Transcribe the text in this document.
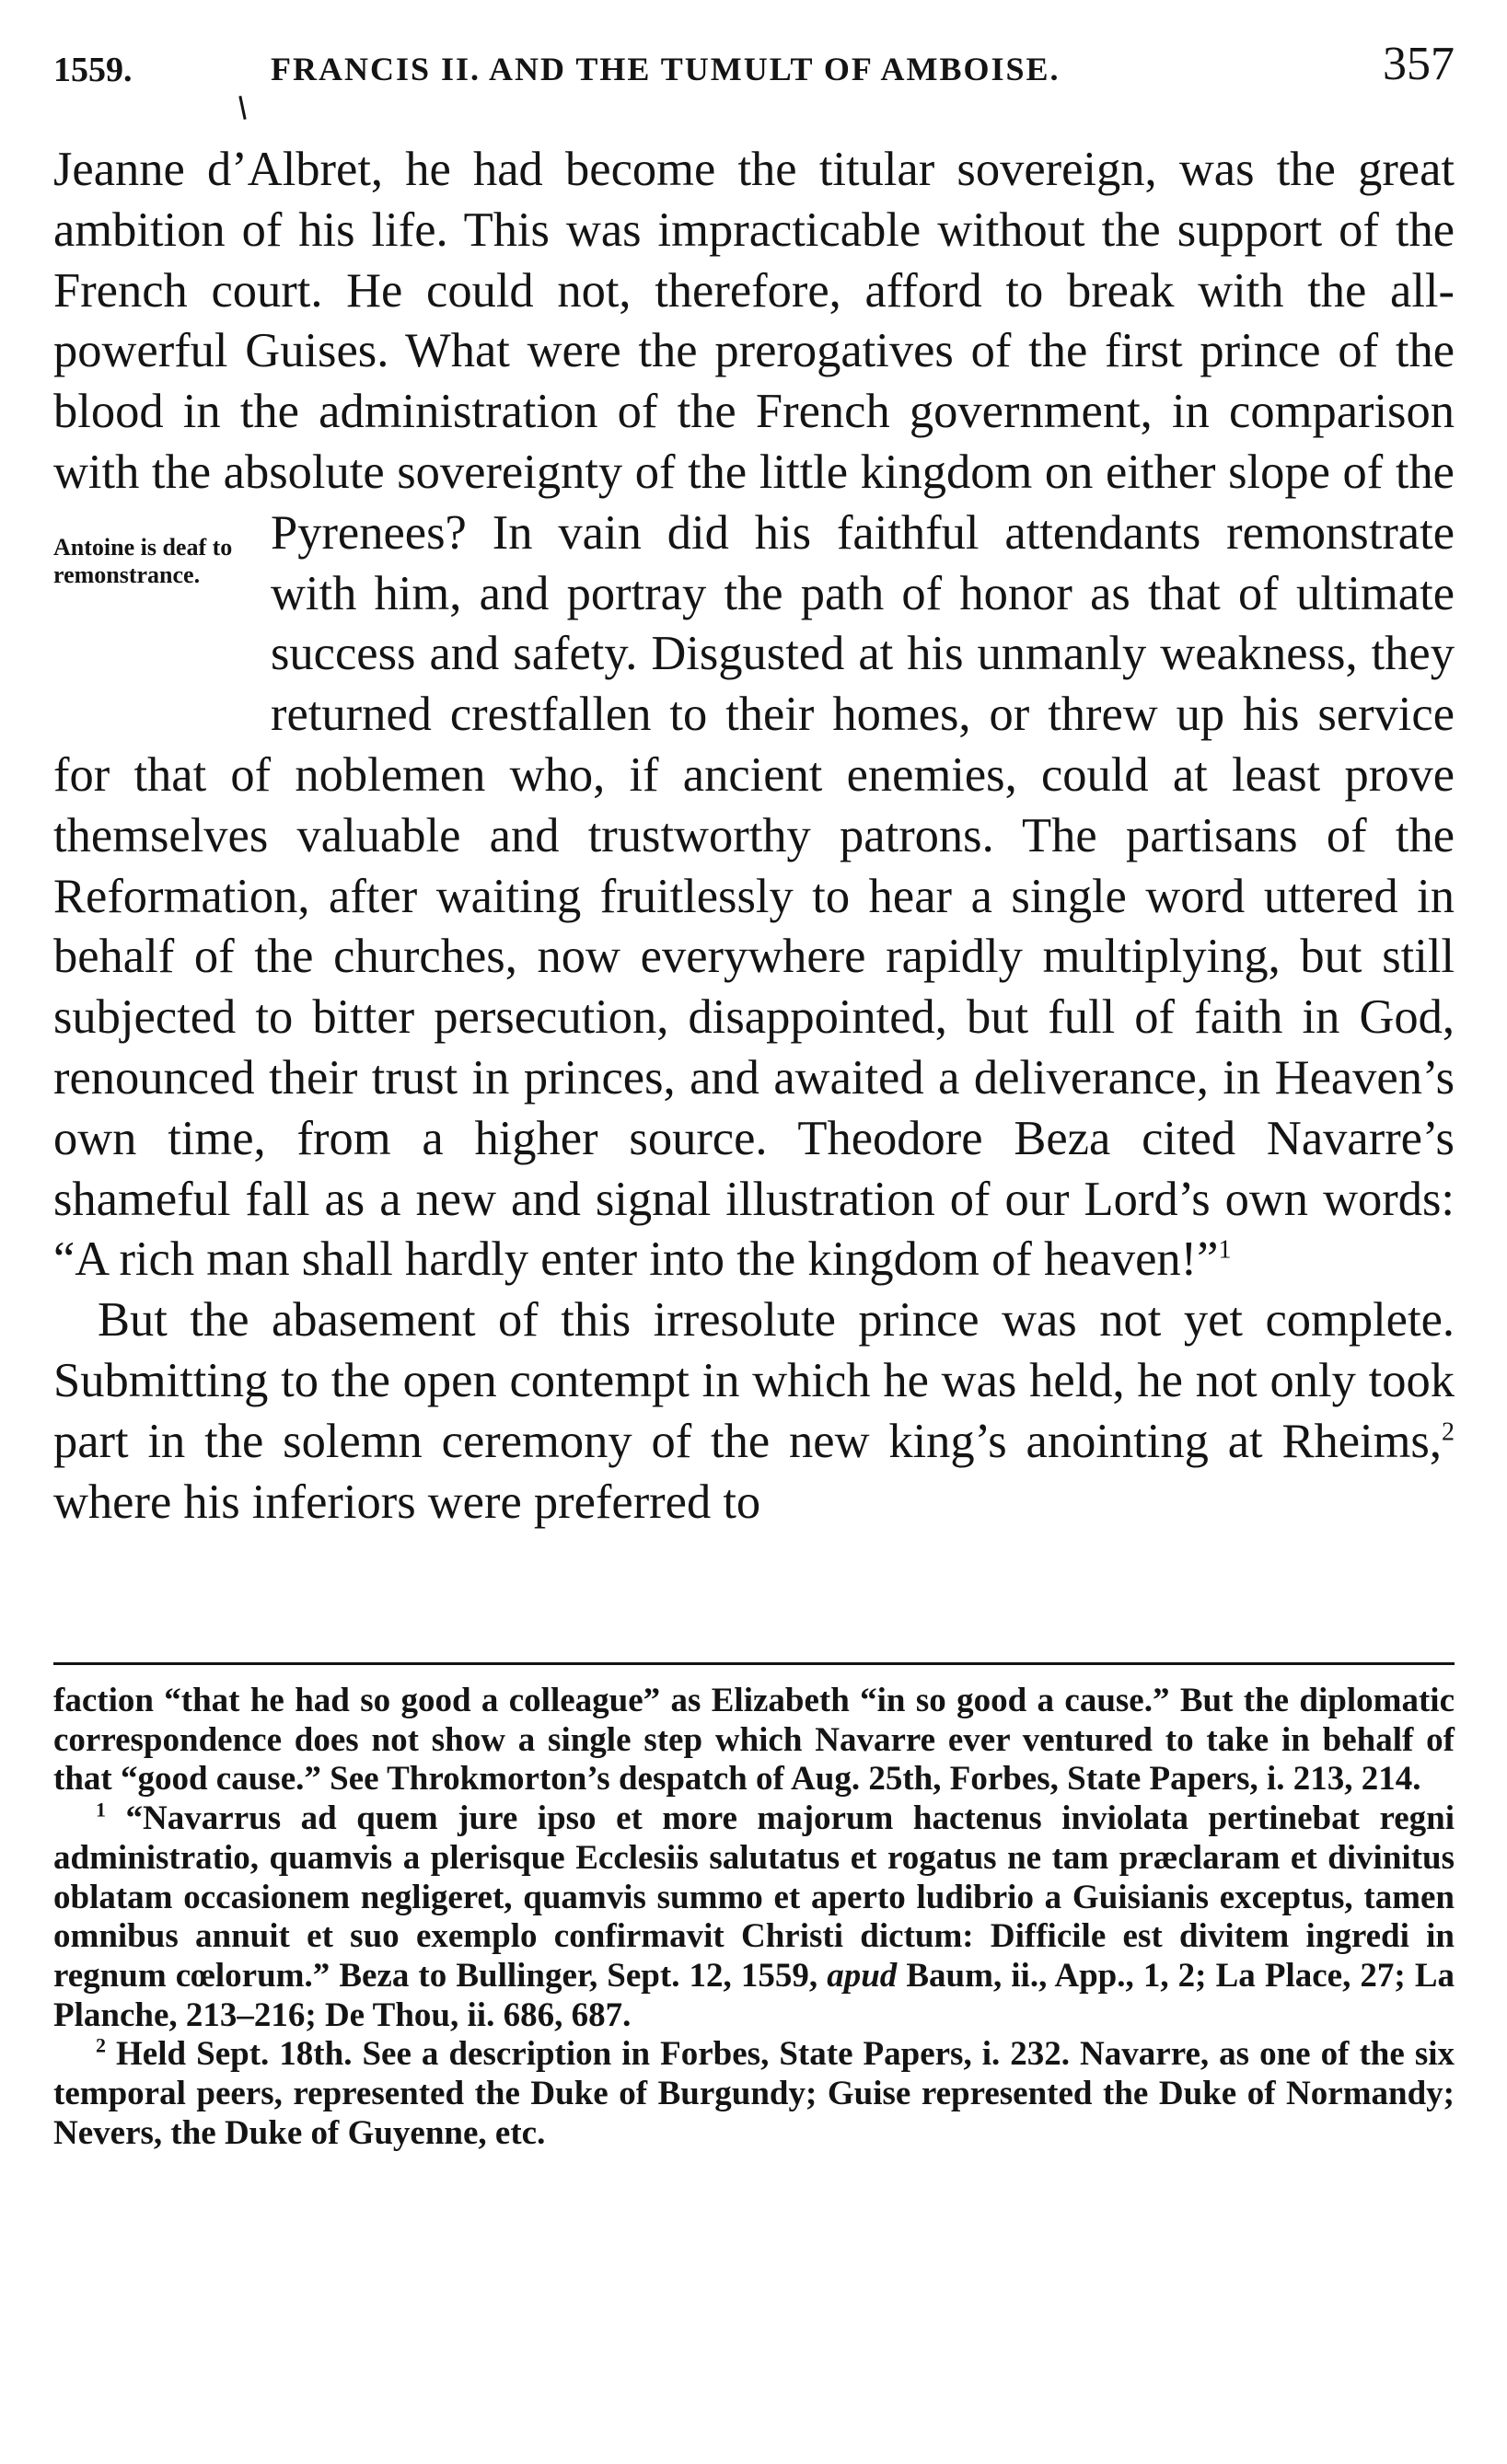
1559.	FRANCIS II. AND THE TUMULT OF AMBOISE.	357

Jeanne d’Albret, he had become the titular sovereign, was the great ambition of his life. This was impracticable without the support of the French court. He could not, therefore, afford to break with the all-powerful Guises. What were the prerogatives of the first prince of the blood in the administration of the French government, in comparison with the absolute sovereignty of the little kingdom on either slope of the Pyrenees?
Antoine is deaf to remonstrance.
In vain did his faithful attendants remonstrate with him, and portray the path of honor as that of ultimate success and safety. Disgusted at his unmanly weakness, they returned crestfallen to their homes, or threw up his service for that of noblemen who, if ancient enemies, could at least prove themselves valuable and trustworthy patrons. The partisans of the Reformation, after waiting fruitlessly to hear a single word uttered in behalf of the churches, now everywhere rapidly multiplying, but still subjected to bitter persecution, disappointed, but full of faith in God, renounced their trust in princes, and awaited a deliverance, in Heaven’s own time, from a higher source. Theodore Beza cited Navarre’s shameful fall as a new and signal illustration of our Lord’s own words: “A rich man shall hardly enter into the kingdom of heaven!”$^1$

But the abasement of this irresolute prince was not yet complete. Submitting to the open contempt in which he was held, he not only took part in the solemn ceremony of the new king’s anointing at Rheims,$^2$ where his inferiors were preferred to

faction “that he had so good a colleague” as Elizabeth “in so good a cause.” But the diplomatic correspondence does not show a single step which Navarre ever ventured to take in behalf of that “good cause.” See Throkmorton’s despatch of Aug. 25th, Forbes, State Papers, i. 213, 214.

$^1$ “Navarrus ad quem jure ipso et more majorum hactenus inviolata pertinebat regni administratio, quamvis a plerisque Ecclesiis salutatus et rogatus ne tam præclaram et divinitus oblatam occasionem negligeret, quamvis summo et aperto ludibrio a Guisianis exceptus, tamen omnibus annuit et suo exemplo confirmavit Christi dictum: Difficile est divitem ingredi in regnum cœlorum.” Beza to Bullinger, Sept. 12, 1559, apud Baum, ii., App., 1, 2; La Place, 27; La Planche, 213–216; De Thou, ii. 686, 687.

$^2$ Held Sept. 18th. See a description in Forbes, State Papers, i. 232. Navarre, as one of the six temporal peers, represented the Duke of Burgundy; Guise represented the Duke of Normandy; Nevers, the Duke of Guyenne, etc.
